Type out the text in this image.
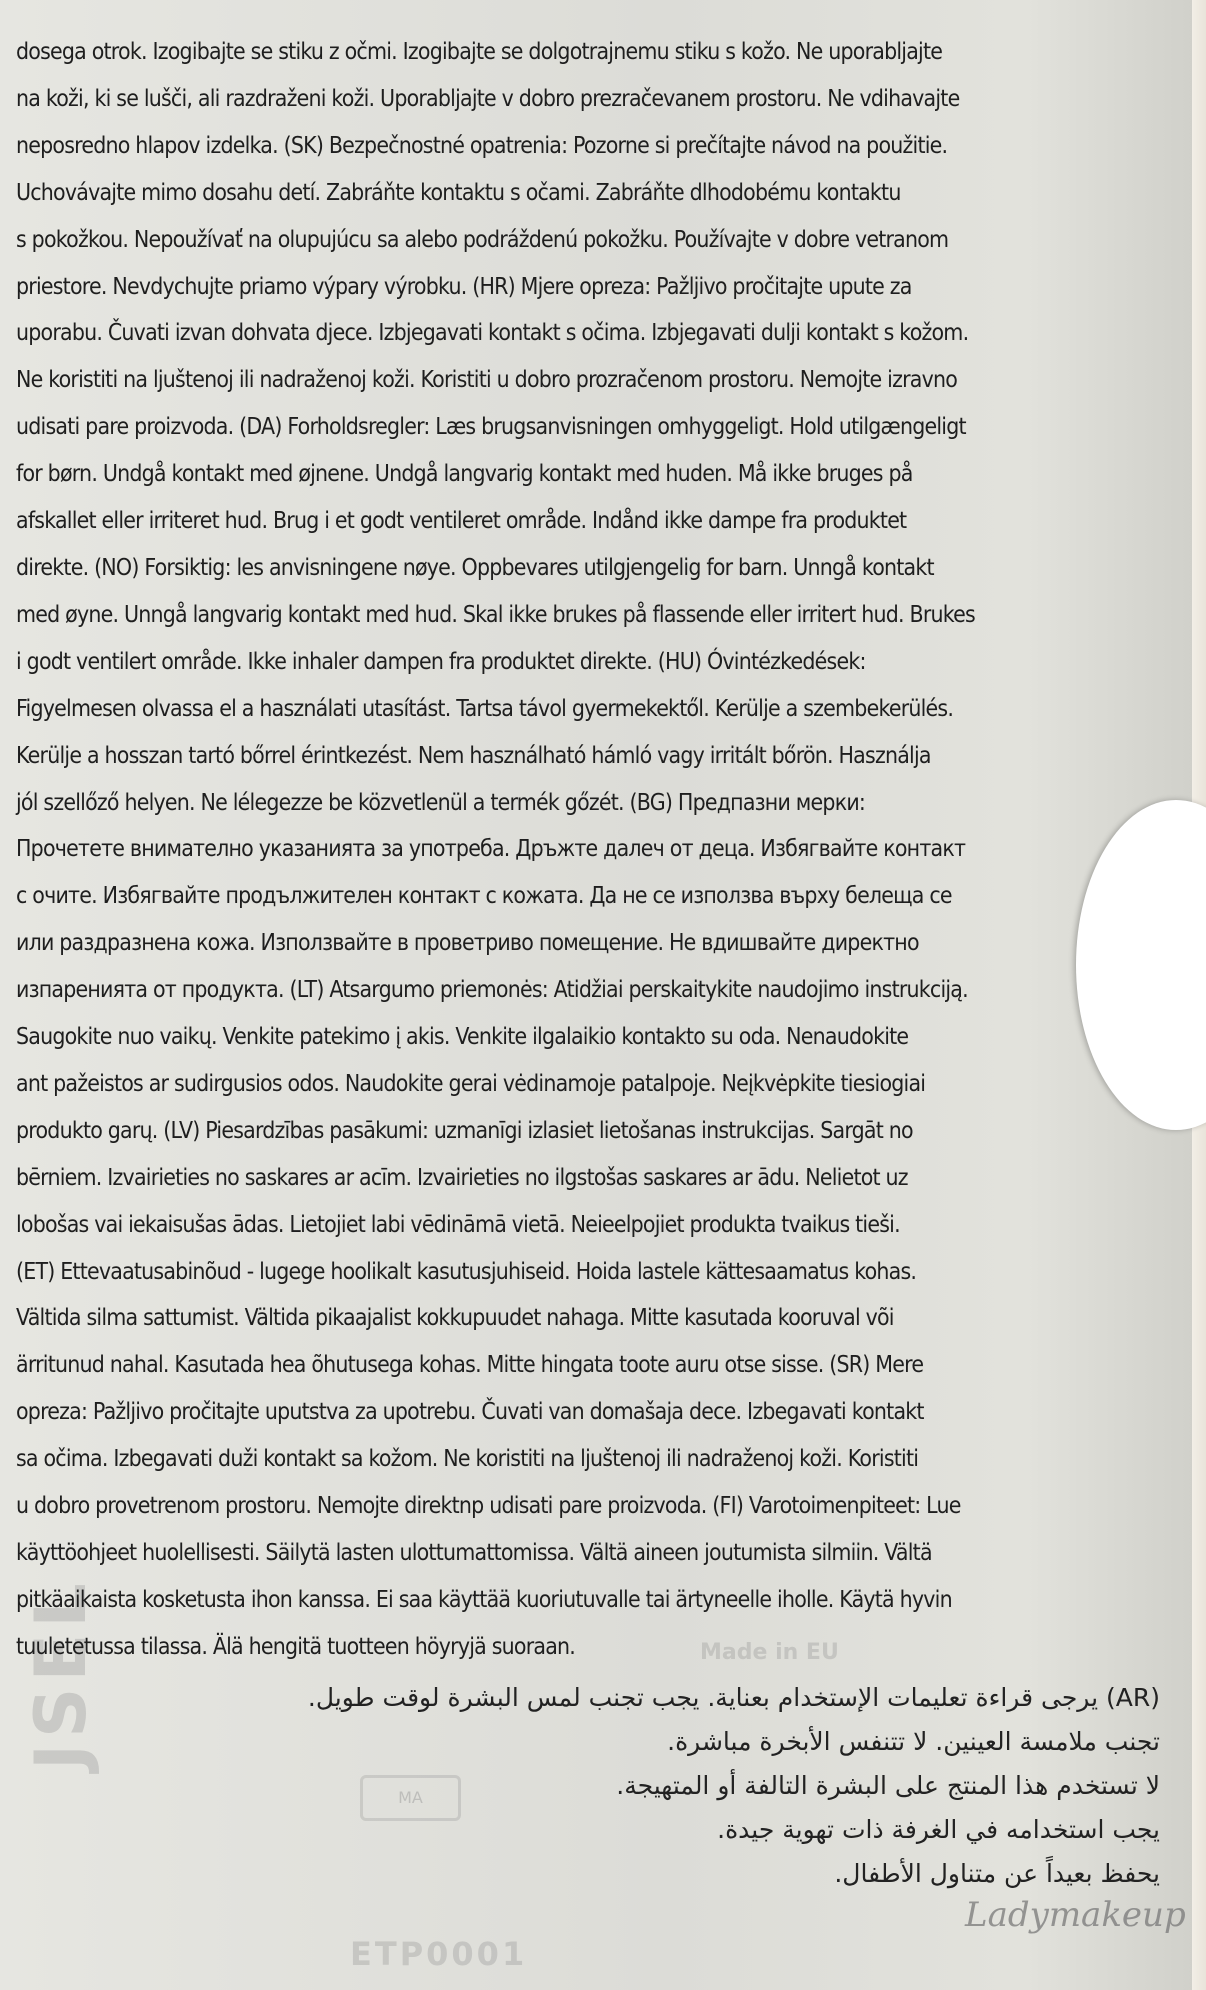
JSEL
ETP0001
Made in EU
MA
dosega otrok. Izogibajte se stiku z očmi. Izogibajte se dolgotrajnemu stiku s kožo. Ne uporabljajte
na koži, ki se lušči, ali razdraženi koži. Uporabljajte v dobro prezračevanem prostoru. Ne vdihavajte
neposredno hlapov izdelka. (SK) Bezpečnostné opatrenia: Pozorne si prečítajte návod na použitie.
Uchovávajte mimo dosahu detí. Zabráňte kontaktu s očami. Zabráňte dlhodobému kontaktu
s pokožkou. Nepoužívať na olupujúcu sa alebo podráždenú pokožku. Používajte v dobre vetranom
priestore. Nevdychujte priamo výpary výrobku. (HR) Mjere opreza: Pažljivo pročitajte upute za
uporabu. Čuvati izvan dohvata djece. Izbjegavati kontakt s očima. Izbjegavati dulji kontakt s kožom.
Ne koristiti na ljuštenoj ili nadraženoj koži. Koristiti u dobro prozračenom prostoru. Nemojte izravno
udisati pare proizvoda. (DA) Forholdsregler: Læs brugsanvisningen omhyggeligt. Hold utilgængeligt
for børn. Undgå kontakt med øjnene. Undgå langvarig kontakt med huden. Må ikke bruges på
afskallet eller irriteret hud. Brug i et godt ventileret område. Indånd ikke dampe fra produktet
direkte. (NO) Forsiktig: les anvisningene nøye. Oppbevares utilgjengelig for barn. Unngå kontakt
med øyne. Unngå langvarig kontakt med hud. Skal ikke brukes på flassende eller irritert hud. Brukes
i godt ventilert område. Ikke inhaler dampen fra produktet direkte. (HU) Óvintézkedések:
Figyelmesen olvassa el a használati utasítást. Tartsa távol gyermekektől. Kerülje a szembekerülés.
Kerülje a hosszan tartó bőrrel érintkezést. Nem használható hámló vagy irritált bőrön. Használja
jól szellőző helyen. Ne lélegezze be közvetlenül a termék gőzét. (BG) Предпазни мерки:
Прочетете внимателно указанията за употреба. Дръжте далеч от деца. Избягвайте контакт
с очите. Избягвайте продължителен контакт с кожата. Да не се използва върху белеща се
или раздразнена кожа. Използвайте в проветриво помещение. Не вдишвайте директно
изпаренията от продукта. (LT) Atsargumo priemonės: Atidžiai perskaitykite naudojimo instrukciją.
Saugokite nuo vaikų. Venkite patekimo į akis. Venkite ilgalaikio kontakto su oda. Nenaudokite
ant pažeistos ar sudirgusios odos. Naudokite gerai vėdinamoje patalpoje. Neįkvėpkite tiesiogiai
produkto garų. (LV) Piesardzības pasākumi: uzmanīgi izlasiet lietošanas instrukcijas. Sargāt no
bērniem. Izvairieties no saskares ar acīm. Izvairieties no ilgstošas saskares ar ādu. Nelietot uz
lobošas vai iekaisušas ādas. Lietojiet labi vēdināmā vietā. Neieelpojiet produkta tvaikus tieši.
(ET) Ettevaatusabinõud - lugege hoolikalt kasutusjuhiseid. Hoida lastele kättesaamatus kohas.
Vältida silma sattumist. Vältida pikaajalist kokkupuudet nahaga. Mitte kasutada kooruval või
ärritunud nahal. Kasutada hea õhutusega kohas. Mitte hingata toote auru otse sisse. (SR) Mere
opreza: Pažljivo pročitajte uputstva za upotrebu. Čuvati van domašaja dece. Izbegavati kontakt
sa očima. Izbegavati duži kontakt sa kožom. Ne koristiti na ljuštenoj ili nadraženoj koži. Koristiti
u dobro provetrenom prostoru. Nemojte direktnp udisati pare proizvoda. (FI) Varotoimenpiteet: Lue
käyttöohjeet huolellisesti. Säilytä lasten ulottumattomissa. Vältä aineen joutumista silmiin. Vältä
pitkäaikaista kosketusta ihon kanssa. Ei saa käyttää kuoriutuvalle tai ärtyneelle iholle. Käytä hyvin
tuuletetussa tilassa. Älä hengitä tuotteen höyryjä suoraan.
(AR) يرجى قراءة تعليمات الإستخدام بعناية. يجب تجنب لمس البشرة لوقت طويل.
تجنب ملامسة العينين. لا تتنفس الأبخرة مباشرة.
لا تستخدم هذا المنتج على البشرة التالفة أو المتهيجة.
يجب استخدامه في الغرفة ذات تهوية جيدة.
يحفظ بعيداً عن متناول الأطفال.
Ladymakeup
